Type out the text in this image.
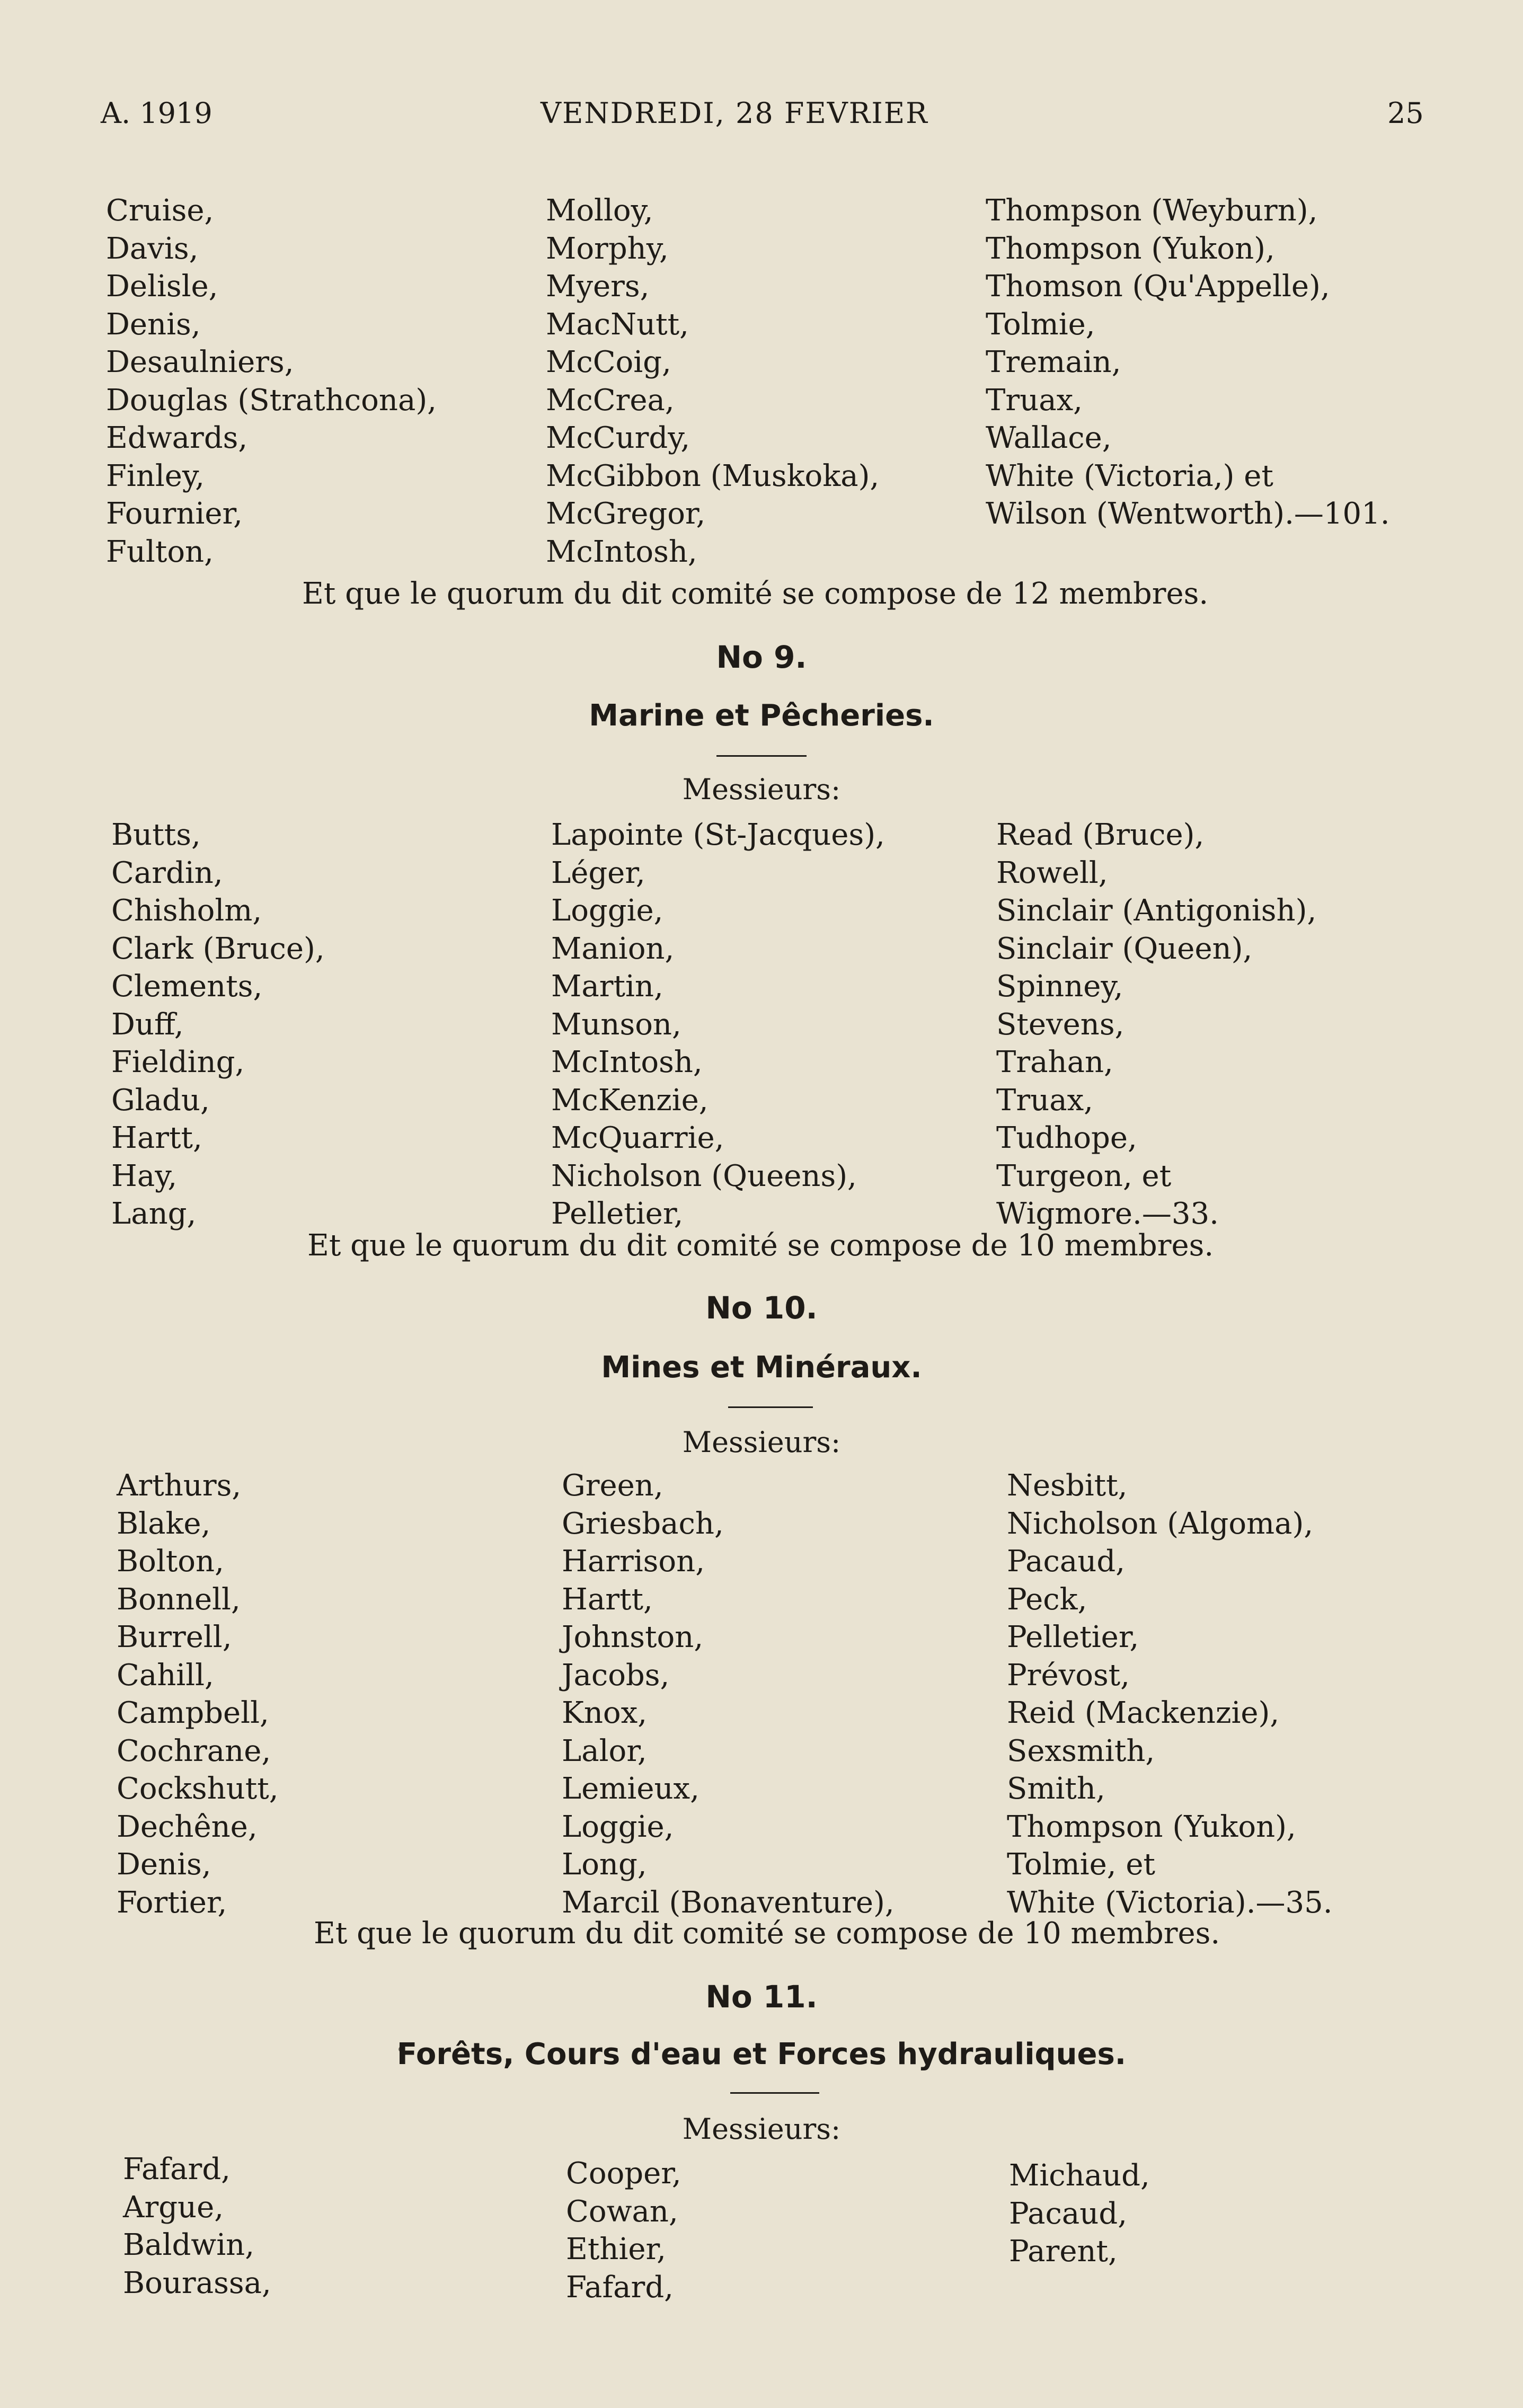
A. 1919	VENDREDI, 28 FEVRIER	25
Cruise,
Davis,
Delisle,
Denis,
Desaulniers,
Douglas (Strathcona),
Edwards,
Finley,
Fournier,
Fulton,
Molloy,
Morphy,
Myers,
MacNutt,
McCoig,
McCrea,
McCurdy,
McGibbon (Muskoka),
McGregor,
McIntosh,
Thompson (Weyburn),
Thompson (Yukon),
Thomson (Qu'Appelle),
Tolmie,
Tremain,
Truax,
Wallace,
White (Victoria,) et
Wilson (Wentworth).—101.
Et que le quorum du dit comité se compose de 12 membres.
No 9.
Marine et Pêcheries.
Messieurs:
Butts,
Cardin,
Chisholm,
Clark (Bruce),
Clements,
Duff,
Fielding,
Gladu,
Hartt,
Hay,
Lang,
Lapointe (St-Jacques),
Léger,
Loggie,
Manion,
Martin,
Munson,
McIntosh,
McKenzie,
McQuarrie,
Nicholson (Queens),
Pelletier,
Read (Bruce),
Rowell,
Sinclair (Antigonish),
Sinclair (Queen),
Spinney,
Stevens,
Trahan,
Truax,
Tudhope,
Turgeon, et
Wigmore.—33.
Et que le quorum du dit comité se compose de 10 membres.
No 10.
Mines et Minéraux.
Messieurs:
Arthurs,
Blake,
Bolton,
Bonnell,
Burrell,
Cahill,
Campbell,
Cochrane,
Cockshutt,
Dechêne,
Denis,
Fortier,
Green,
Griesbach,
Harrison,
Hartt,
Johnston,
Jacobs,
Knox,
Lalor,
Lemieux,
Loggie,
Long,
Marcil (Bonaventure),
Nesbitt,
Nicholson (Algoma),
Pacaud,
Peck,
Pelletier,
Prévost,
Reid (Mackenzie),
Sexsmith,
Smith,
Thompson (Yukon),
Tolmie, et
White (Victoria).—35.
Et que le quorum du dit comité se compose de 10 membres.
No 11.
Forêts, Cours d'eau et Forces hydrauliques.
Messieurs:
Fafard,
Argue,
Baldwin,
Bourassa,
Cooper,
Cowan,
Ethier,
Fafard,
Michaud,
Pacaud,
Parent,
